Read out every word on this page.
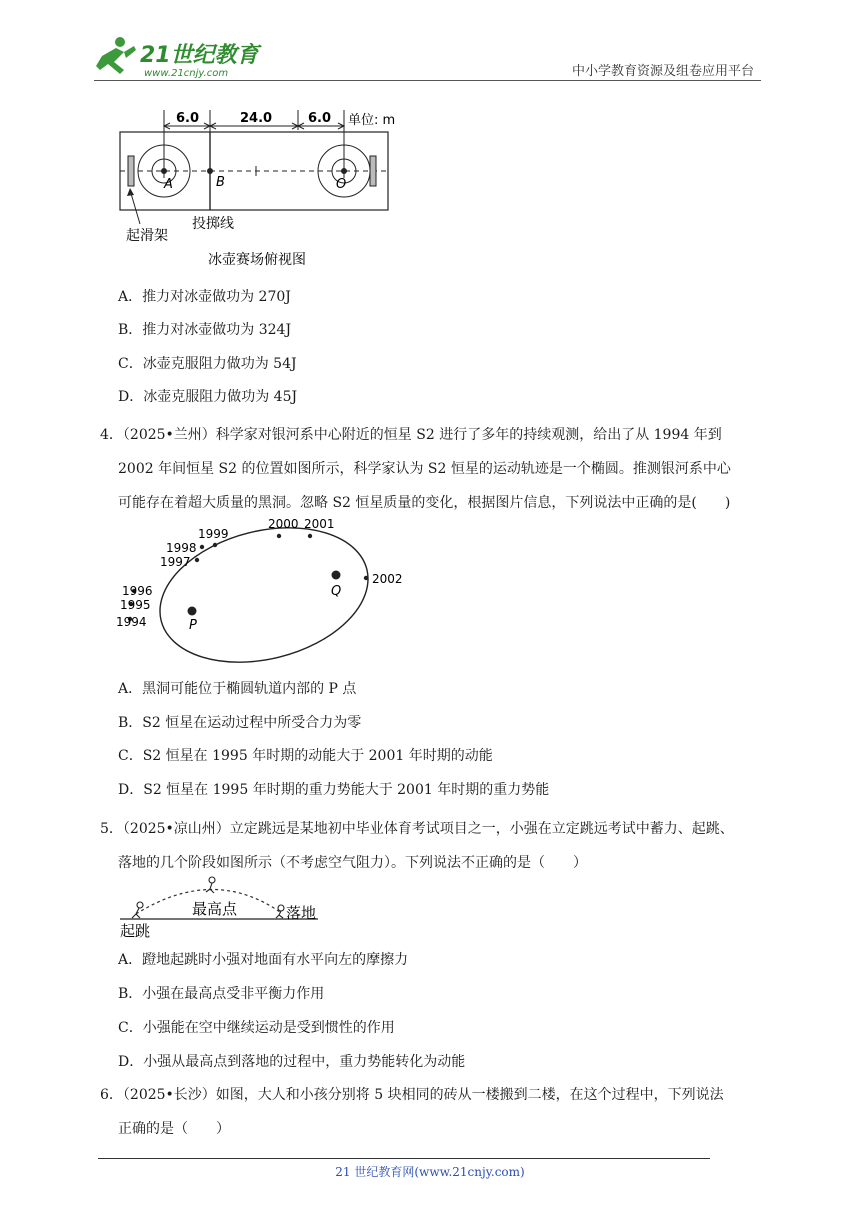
21世纪教育
www.21cnjy.com	中小学教育资源及组卷应用平台
6.0	24.0	6.0 单位: m
A	B	O
起滑架
投掷线
冰壶赛场俯视图
A．推力对冰壶做功为 270J
B．推力对冰壶做功为 324J
C．冰壶克服阻力做功为 54J
D．冰壶克服阻力做功为 45J

4．（2025•兰州）科学家对银河系中心附近的恒星 S2 进行了多年的持续观测，给出了从 1994 年到

2002 年间恒星 S2 的位置如图所示，科学家认为 S2 恒星的运动轨迹是一个椭圆。推测银河系中心

可能存在着超大质量的黑洞。忽略 S2 恒星质量的变化，根据图片信息，下列说法中正确的是(　　)

1994
1995
1996
1997
1998
1999
2000 2001
2002
P
Q
A．黑洞可能位于椭圆轨道内部的 P 点
B．S2 恒星在运动过程中所受合力为零
C．S2 恒星在 1995 年时期的动能大于 2001 年时期的动能
D．S2 恒星在 1995 年时期的重力势能大于 2001 年时期的重力势能

5．（2025•凉山州）立定跳远是某地初中毕业体育考试项目之一，小强在立定跳远考试中蓄力、起跳、

落地的几个阶段如图所示（不考虑空气阻力）。下列说法不正确的是（　　）

最高点	落地
起跳
A．蹬地起跳时小强对地面有水平向左的摩擦力
B．小强在最高点受非平衡力作用
C．小强能在空中继续运动是受到惯性的作用
D．小强从最高点到落地的过程中，重力势能转化为动能

6．（2025•长沙）如图，大人和小孩分别将 5 块相同的砖从一楼搬到二楼，在这个过程中，下列说法

正确的是（　　）

21 世纪教育网(www.21cnjy.com)
